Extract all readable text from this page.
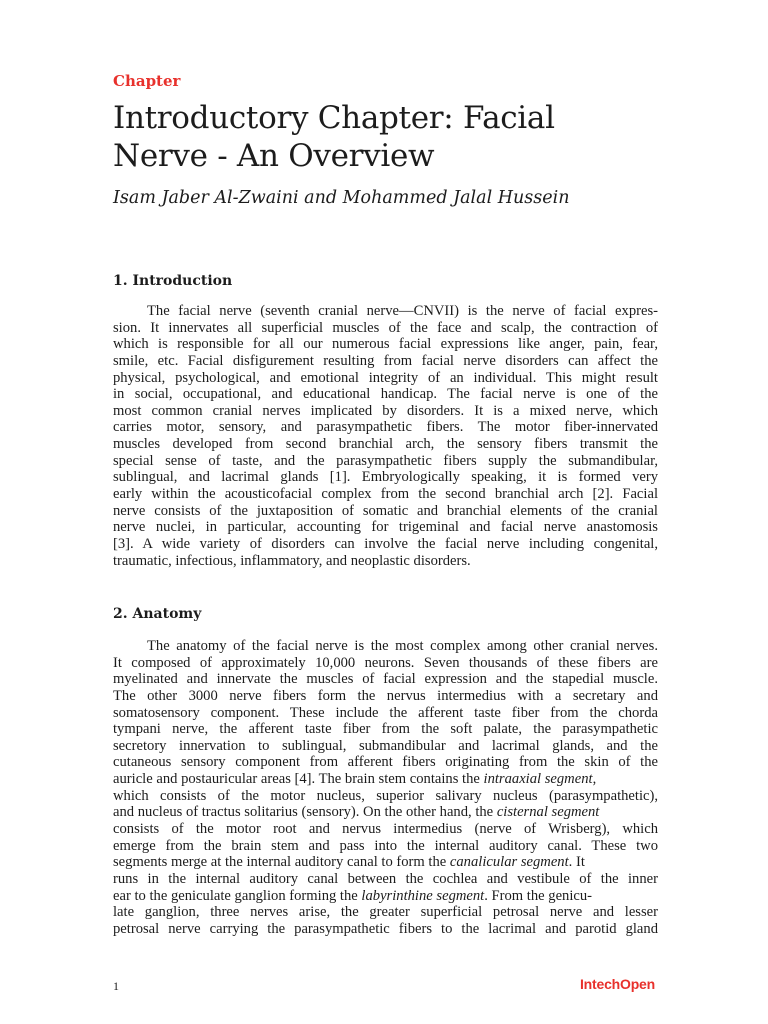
Chapter
Introductory Chapter: Facial
Nerve - An Overview
Isam Jaber Al-Zwaini and Mohammed Jalal Hussein
1. Introduction
The facial nerve (seventh cranial nerve—CNVII) is the nerve of facial expres-
sion. It innervates all superficial muscles of the face and scalp, the contraction of
which is responsible for all our numerous facial expressions like anger, pain, fear,
smile, etc. Facial disfigurement resulting from facial nerve disorders can affect the
physical, psychological, and emotional integrity of an individual. This might result
in social, occupational, and educational handicap. The facial nerve is one of the
most common cranial nerves implicated by disorders. It is a mixed nerve, which
carries motor, sensory, and parasympathetic fibers. The motor fiber-innervated
muscles developed from second branchial arch, the sensory fibers transmit the
special sense of taste, and the parasympathetic fibers supply the submandibular,
sublingual, and lacrimal glands [1]. Embryologically speaking, it is formed very
early within the acousticofacial complex from the second branchial arch [2]. Facial
nerve consists of the juxtaposition of somatic and branchial elements of the cranial
nerve nuclei, in particular, accounting for trigeminal and facial nerve anastomosis
[3]. A wide variety of disorders can involve the facial nerve including congenital,
traumatic, infectious, inflammatory, and neoplastic disorders.
2. Anatomy
The anatomy of the facial nerve is the most complex among other cranial nerves.
It composed of approximately 10,000 neurons. Seven thousands of these fibers are
myelinated and innervate the muscles of facial expression and the stapedial muscle.
The other 3000 nerve fibers form the nervus intermedius with a secretary and
somatosensory component. These include the afferent taste fiber from the chorda
tympani nerve, the afferent taste fiber from the soft palate, the parasympathetic
secretory innervation to sublingual, submandibular and lacrimal glands, and the
cutaneous sensory component from afferent fibers originating from the skin of the
auricle and postauricular areas [4]. The brain stem contains the intraaxial segment,
which consists of the motor nucleus, superior salivary nucleus (parasympathetic),
and nucleus of tractus solitarius (sensory). On the other hand, the cisternal segment
consists of the motor root and nervus intermedius (nerve of Wrisberg), which
emerge from the brain stem and pass into the internal auditory canal. These two
segments merge at the internal auditory canal to form the canalicular segment. It
runs in the internal auditory canal between the cochlea and vestibule of the inner
ear to the geniculate ganglion forming the labyrinthine segment. From the genicu-
late ganglion, three nerves arise, the greater superficial petrosal nerve and lesser
petrosal nerve carrying the parasympathetic fibers to the lacrimal and parotid gland
1	IntechOpen
